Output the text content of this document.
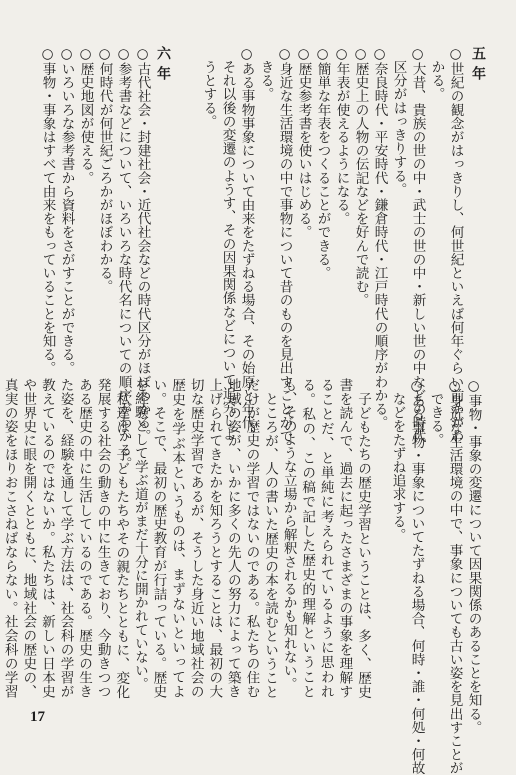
五年
○世紀の観念がはっきりし、何世紀といえば何年ぐらい前かがわ
かる。
○大昔、貴族の世の中・武士の世の中・新しい世の中などの時代
区分がはっきりする。
○奈良時代・平安時代・鎌倉時代・江戸時代の順序がわかる。
○歴史上の人物の伝記などを好んで読む。
○年表が使えるようになる。
○簡単な年表をつくることができる。
○歴史参考書を使いはじめる。
○身近な生活環境の中で事物について昔のものを見出すことがで
きる。
○ある事物事象について由来をたずねる場合、その始原と年代、
それ以後の変遷のようす、その因果関係などについて追究しよ
うとする。
六年
○古代社会・封建社会・近代社会などの時代区分がほぼわかる。
○参考書などについて、いろいろな時代名についての順序がわかる。
○何時代が何世紀ごろかがほぼわかる。
○歴史地図が使える。
○いろいろな参考書から資料をさがすことができる。
○事物・事象はすべて由来をもっていることを知る。
○事物・事象の変遷について因果関係のあることを知る。
○身近な生活環境の中で、事象についても古い姿を見出すことが
できる。
○ある事物・事象についてたずねる場合、何時・誰・何処・何故
などをたずね追求する。

子どもたちの歴史学習ということは、多く、歴史書を読んで、過去に起ったさまざまの事象を理解することだ、と単純に考えられているように思われる。私の、この稿で記した歴史的理解ということも、そのような立場から解釈されるかも知れない。

ところが、人の書いた歴史の本を読むということだけが歴史の学習ではないのである。私たちの住む地域の姿が、いかに多くの先人の努力によって築き上げられてきたかを知ろうとすることは、最初の大切な歴史学習であるが、そうした身近い地域社会の歴史を学ぶ本というものは、まずないといってよい。そこで、最初の歴史教育が行詰っている。歴史を経験として学ぶ道がまだ十分に開かれていない。

私達は、子どもたちやその親たちとともに、変化発展する社会の動きの中に生きており、今動きつつある歴史の中に生活しているのである。歴史の生きた姿を、経験を通して学ぶ方法は、社会科の学習が教えているのではないか。私たちは、新しい日本史や世界史に眼を開くとともに、地域社会の歴史の、真実の姿をほりおこさねばならない。社会科の学習

17
